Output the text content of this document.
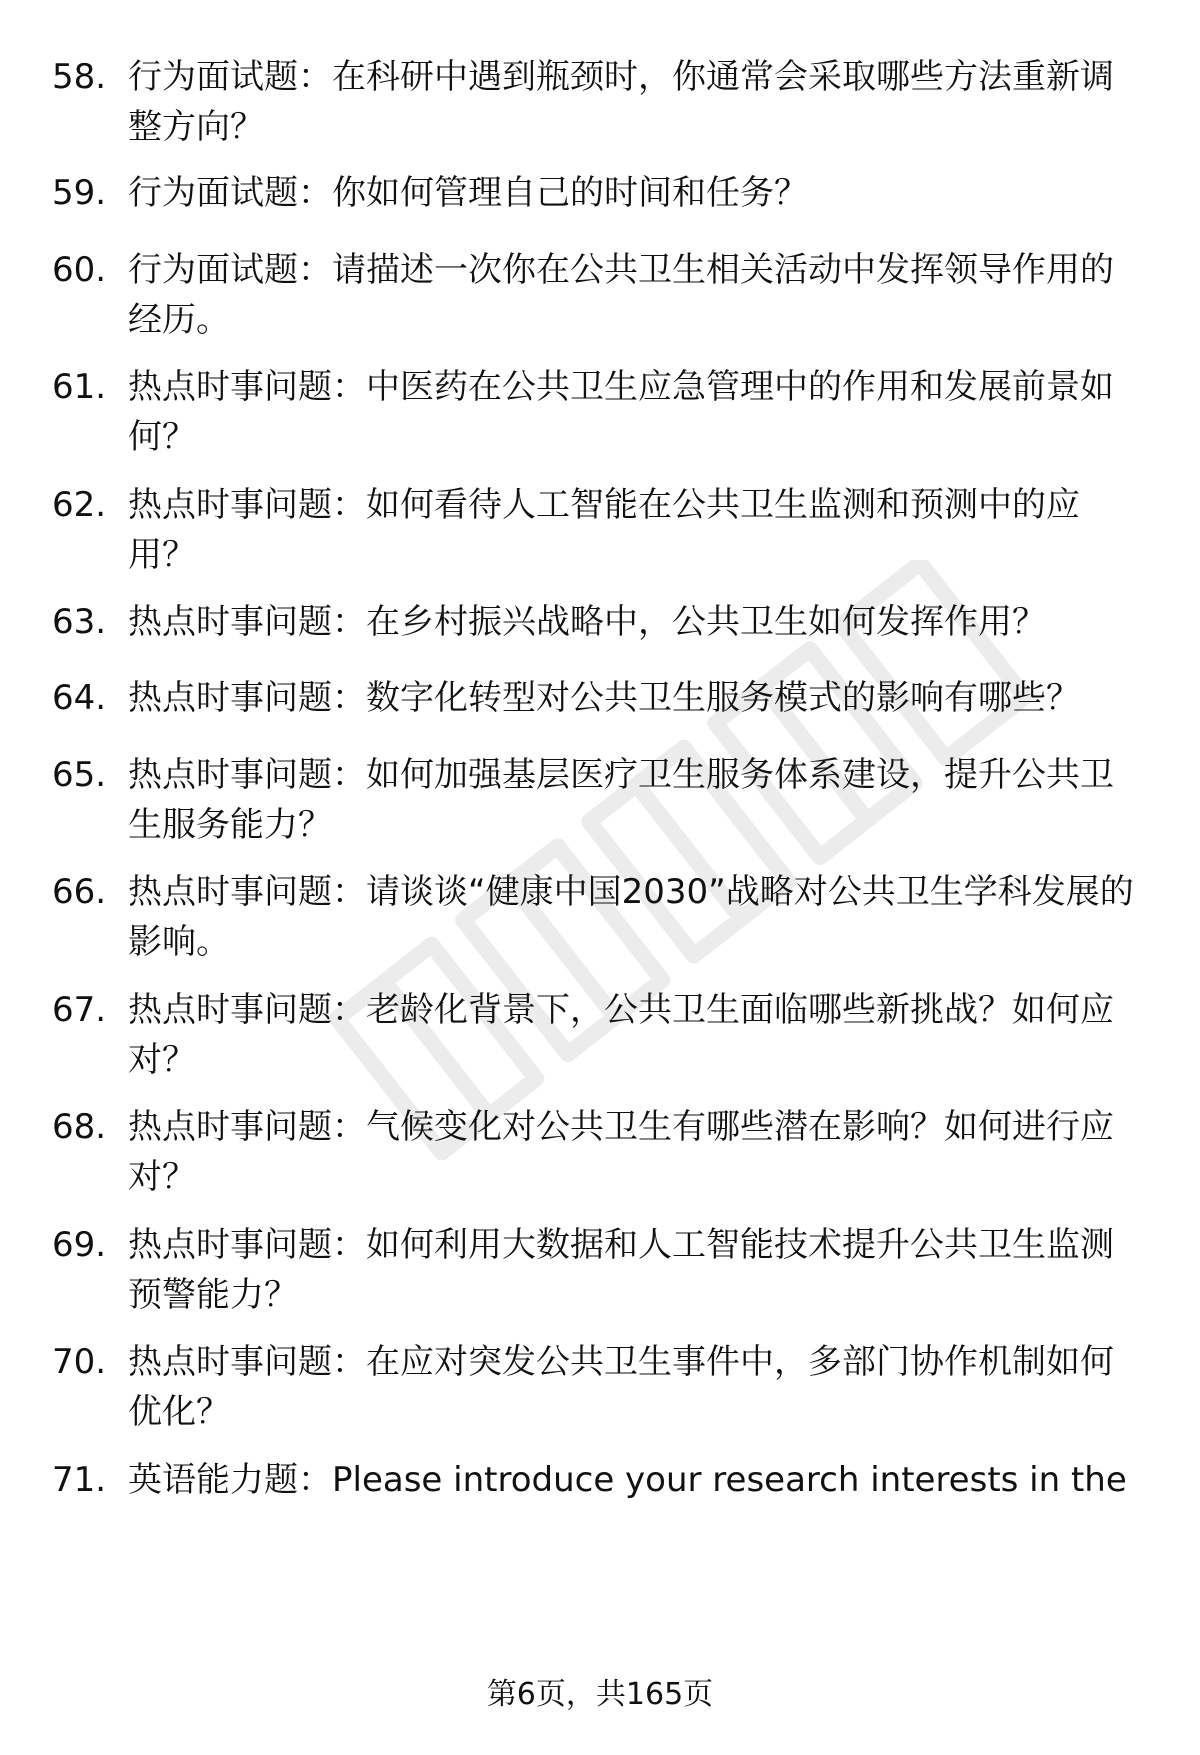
58. 行为面试题：在科研中遇到瓶颈时，你通常会采取哪些方法重新调整方向？
59. 行为面试题：你如何管理自己的时间和任务？
60. 行为面试题：请描述一次你在公共卫生相关活动中发挥领导作用的经历。
61. 热点时事问题：中医药在公共卫生应急管理中的作用和发展前景如何？
62. 热点时事问题：如何看待人工智能在公共卫生监测和预测中的应用？
63. 热点时事问题：在乡村振兴战略中，公共卫生如何发挥作用？
64. 热点时事问题：数字化转型对公共卫生服务模式的影响有哪些？
65. 热点时事问题：如何加强基层医疗卫生服务体系建设，提升公共卫生服务能力？
66. 热点时事问题：请谈谈“健康中国2030”战略对公共卫生学科发展的影响。
67. 热点时事问题：老龄化背景下，公共卫生面临哪些新挑战？如何应对？
68. 热点时事问题：气候变化对公共卫生有哪些潜在影响？如何进行应对？
69. 热点时事问题：如何利用大数据和人工智能技术提升公共卫生监测预警能力？
70. 热点时事问题：在应对突发公共卫生事件中，多部门协作机制如何优化？
71. 英语能力题：Please introduce your research interests in the
第6页，共165页
